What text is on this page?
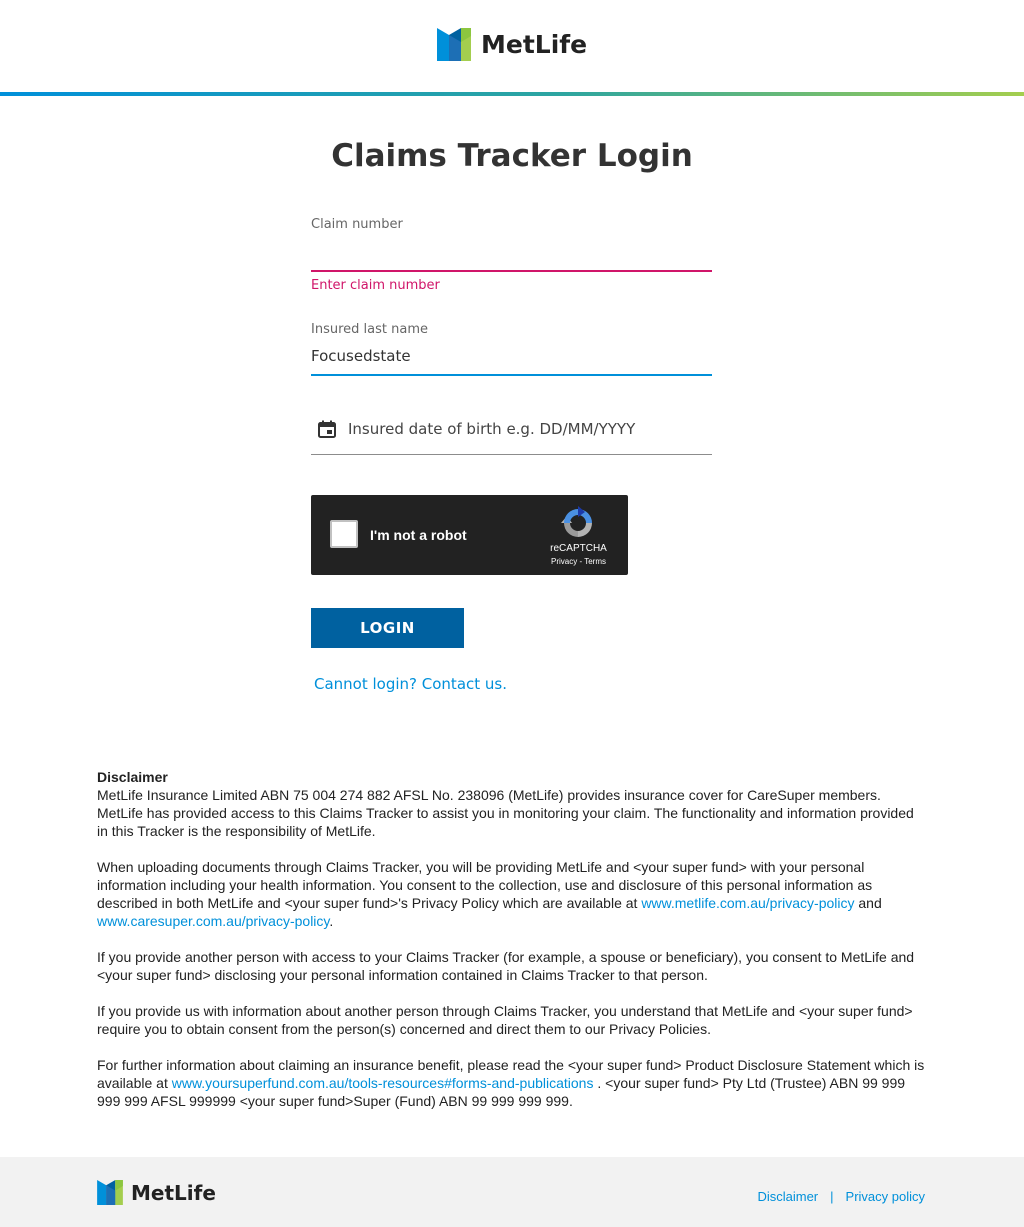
MetLife
Claims Tracker Login
Claim number
Enter claim number
Insured last name
Focusedstate
Insured date of birth e.g. DD/MM/YYYY
I'm not a robot
reCAPTCHA
Privacy - Terms
LOGIN
Cannot login? Contact us.
Disclaimer

MetLife Insurance Limited ABN 75 004 274 882 AFSL No. 238096 (MetLife) provides insurance cover for CareSuper members. MetLife has provided access to this Claims Tracker to assist you in monitoring your claim. The functionality and information provided in this Tracker is the responsibility of MetLife.

When uploading documents through Claims Tracker, you will be providing MetLife and <your super fund> with your personal information including your health information. You consent to the collection, use and disclosure of this personal information as described in both MetLife and <your super fund>'s Privacy Policy which are available at www.metlife.com.au/privacy-policy and www.caresuper.com.au/privacy-policy.

If you provide another person with access to your Claims Tracker (for example, a spouse or beneficiary), you consent to MetLife and <your super fund> disclosing your personal information contained in Claims Tracker to that person.

If you provide us with information about another person through Claims Tracker, you understand that MetLife and <your super fund> require you to obtain consent from the person(s) concerned and direct them to our Privacy Policies.

For further information about claiming an insurance benefit, please read the <your super fund> Product Disclosure Statement which is available at www.yoursuperfund.com.au/tools-resources#forms-and-publications . <your super fund> Pty Ltd (Trustee) ABN 99 999 999 999 AFSL 999999 <your super fund>Super (Fund) ABN 99 999 999 999.

MetLife	Disclaimer | Privacy policy
